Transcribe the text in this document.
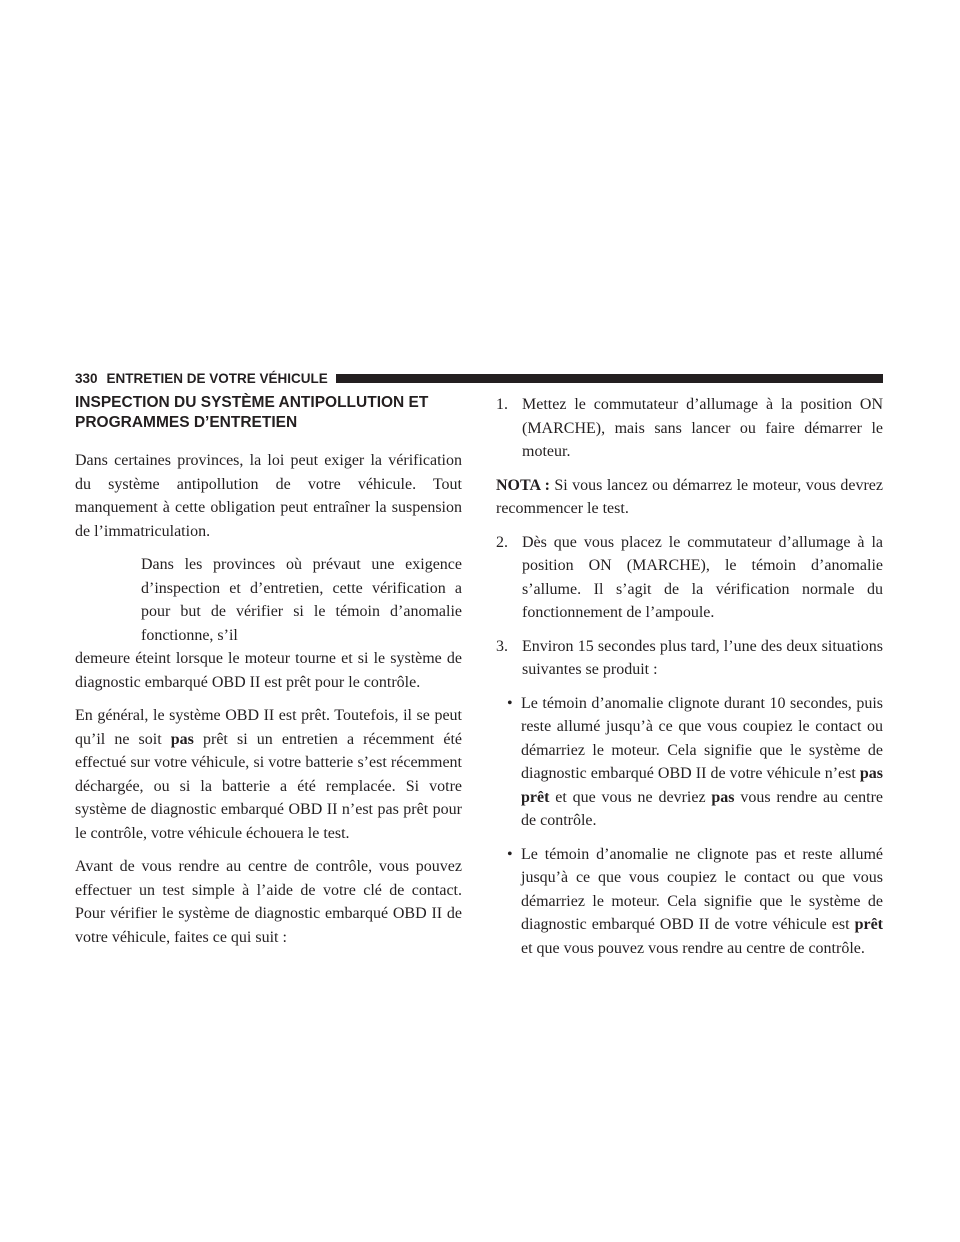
330 ENTRETIEN DE VOTRE VÉHICULE
INSPECTION DU SYSTÈME ANTIPOLLUTION ET
PROGRAMMES D’ENTRETIEN

Dans certaines provinces, la loi peut exiger la vérification du système antipollution de votre véhicule. Tout manquement à cette obligation peut entraîner la suspension de l’immatriculation.

Dans les provinces où prévaut une exigence d’inspection et d’entretien, cette vérification a pour but de vérifier si le témoin d’anomalie fonctionne, s’il

demeure éteint lorsque le moteur tourne et si le système de diagnostic embarqué OBD II est prêt pour le contrôle.

En général, le système OBD II est prêt. Toutefois, il se peut qu’il ne soit pas prêt si un entretien a récemment été effectué sur votre véhicule, si votre batterie s’est récemment déchargée, ou si la batterie a été remplacée. Si votre système de diagnostic embarqué OBD II n’est pas prêt pour le contrôle, votre véhicule échouera le test.

Avant de vous rendre au centre de contrôle, vous pouvez effectuer un test simple à l’aide de votre clé de contact. Pour vérifier le système de diagnostic embarqué OBD II de votre véhicule, faites ce qui suit :

1. Mettez le commutateur d’allumage à la position ON (MARCHE), mais sans lancer ou faire démarrer le moteur.

NOTA : Si vous lancez ou démarrez le moteur, vous devrez recommencer le test.

2. Dès que vous placez le commutateur d’allumage à la position ON (MARCHE), le témoin d’anomalie s’allume. Il s’agit de la vérification normale du fonctionnement de l’ampoule.
3. Environ 15 secondes plus tard, l’une des deux situations suivantes se produit :
• Le témoin d’anomalie clignote durant 10 secondes, puis reste allumé jusqu’à ce que vous coupiez le contact ou démarriez le moteur. Cela signifie que le système de diagnostic embarqué OBD II de votre véhicule n’est pas prêt et que vous ne devriez pas vous rendre au centre de contrôle.
• Le témoin d’anomalie ne clignote pas et reste allumé jusqu’à ce que vous coupiez le contact ou que vous démarriez le moteur. Cela signifie que le système de diagnostic embarqué OBD II de votre véhicule est prêt et que vous pouvez vous rendre au centre de contrôle.
